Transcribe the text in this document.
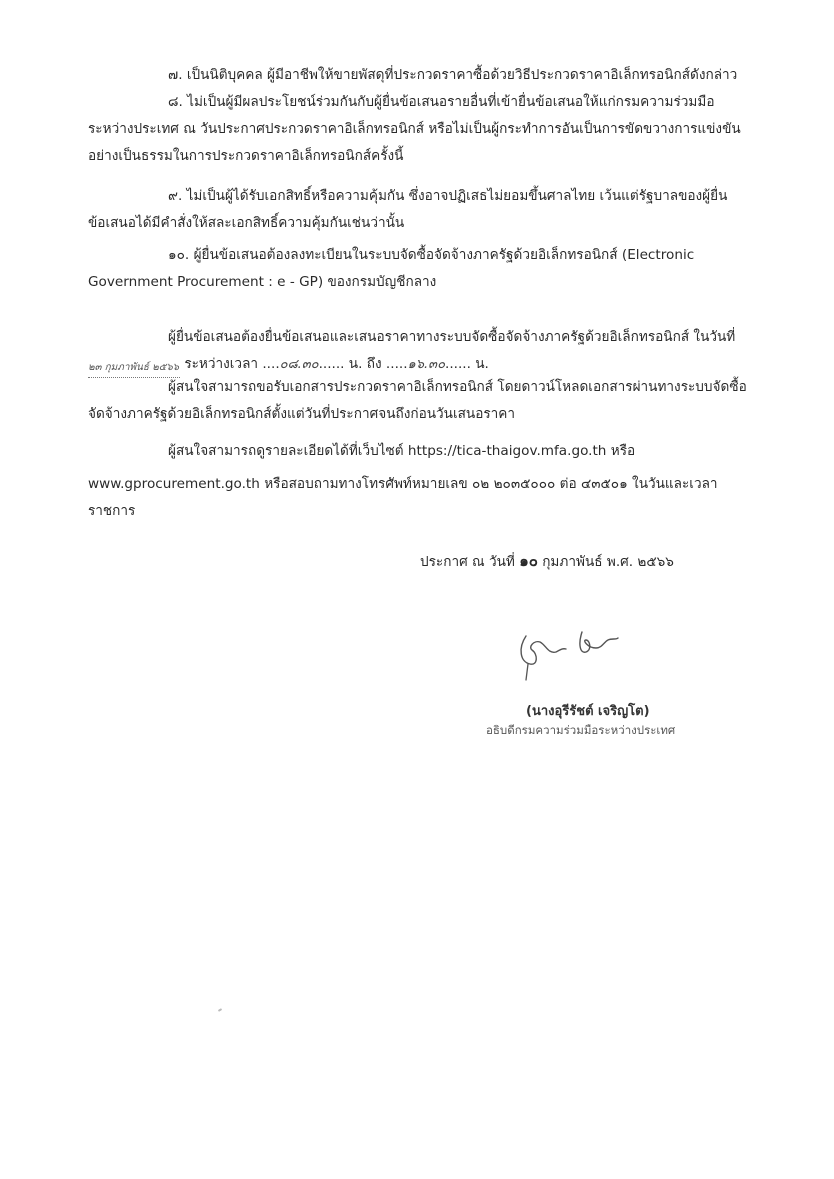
๗. เป็นนิติบุคคล ผู้มีอาชีพให้ขายพัสดุที่ประกวดราคาซื้อด้วยวิธีประกวดราคาอิเล็กทรอนิกส์ดังกล่าว
๘. ไม่เป็นผู้มีผลประโยชน์ร่วมกันกับผู้ยื่นข้อเสนอรายอื่นที่เข้ายื่นข้อเสนอให้แก่กรมความร่วมมือ
ระหว่างประเทศ ณ วันประกาศประกวดราคาอิเล็กทรอนิกส์ หรือไม่เป็นผู้กระทำการอันเป็นการขัดขวางการแข่งขัน
อย่างเป็นธรรมในการประกวดราคาอิเล็กทรอนิกส์ครั้งนี้
๙. ไม่เป็นผู้ได้รับเอกสิทธิ์หรือความคุ้มกัน ซึ่งอาจปฏิเสธไม่ยอมขึ้นศาลไทย เว้นแต่รัฐบาลของผู้ยื่น
ข้อเสนอได้มีคำสั่งให้สละเอกสิทธิ์ความคุ้มกันเช่นว่านั้น
๑๐. ผู้ยื่นข้อเสนอต้องลงทะเบียนในระบบจัดซื้อจัดจ้างภาครัฐด้วยอิเล็กทรอนิกส์ (Electronic
Government Procurement : e - GP) ของกรมบัญชีกลาง
ผู้ยื่นข้อเสนอต้องยื่นข้อเสนอและเสนอราคาทางระบบจัดซื้อจัดจ้างภาครัฐด้วยอิเล็กทรอนิกส์ ในวันที่
๒๓ กุมภาพันธ์ ๒๕๖๖ ระหว่างเวลา ....๐๘.๓๐...... น. ถึง .....๑๖.๓๐...... น.
ผู้สนใจสามารถขอรับเอกสารประกวดราคาอิเล็กทรอนิกส์ โดยดาวน์โหลดเอกสารผ่านทางระบบจัดซื้อ
จัดจ้างภาครัฐด้วยอิเล็กทรอนิกส์ตั้งแต่วันที่ประกาศจนถึงก่อนวันเสนอราคา
ผู้สนใจสามารถดูรายละเอียดได้ที่เว็บไซต์ https://tica-thaigov.mfa.go.th หรือ
www.gprocurement.go.th หรือสอบถามทางโทรศัพท์หมายเลข ๐๒ ๒๐๓๕๐๐๐ ต่อ ๔๓๕๐๑ ในวันและเวลา
ราชการ
ประกาศ ณ วันที่ ๑๐ กุมภาพันธ์ พ.ศ. ๒๕๖๖
(นางอุรีรัชต์ เจริญโต)
อธิบดีกรมความร่วมมือระหว่างประเทศ
